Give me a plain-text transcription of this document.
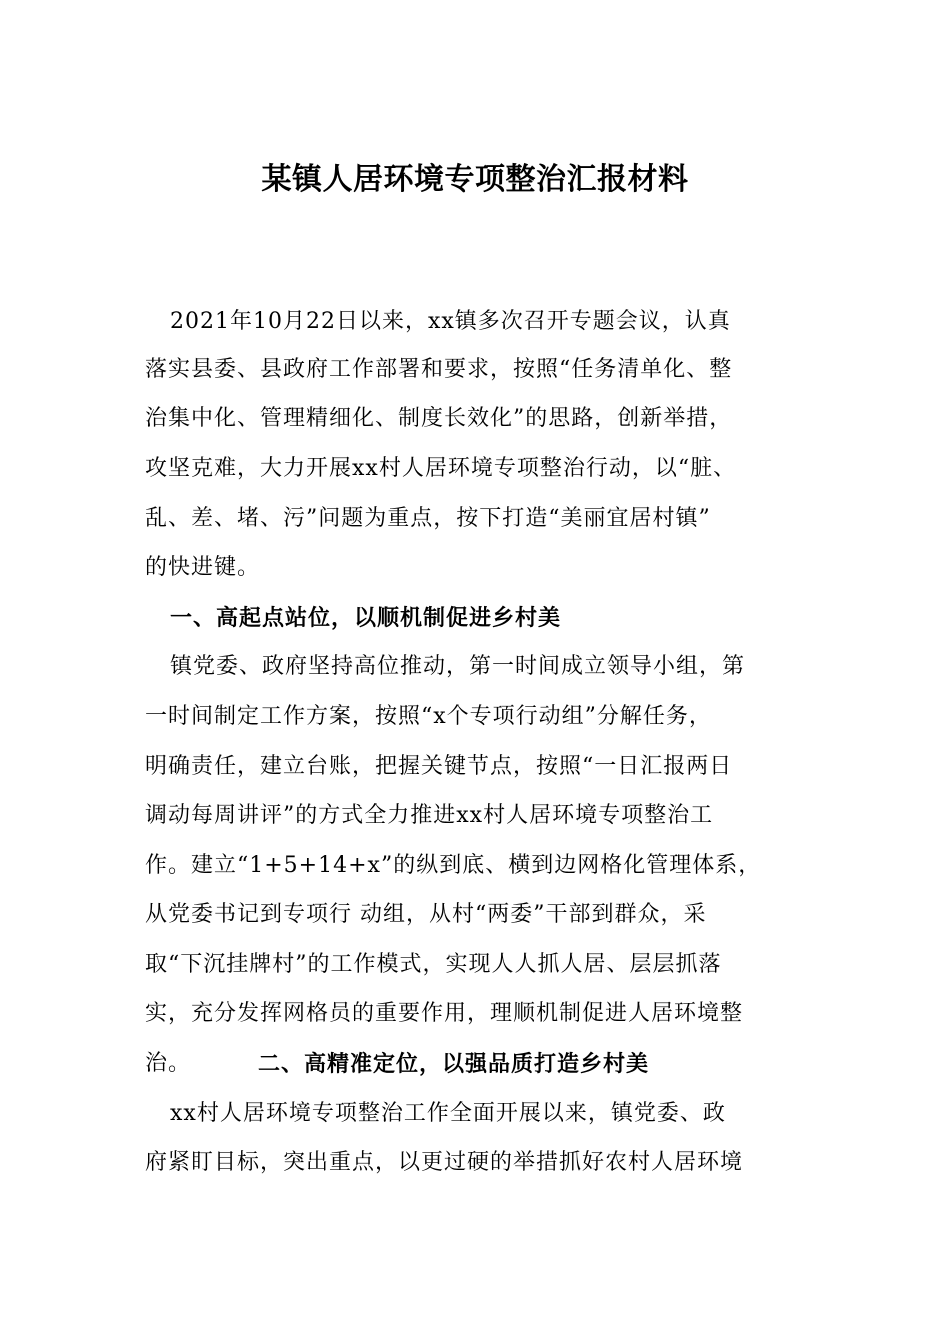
某镇人居环境专项整治汇报材料
2021年10月22日以来，xx镇多次召开专题会议，认真
落实县委、县政府工作部署和要求，按照“任务清单化、整
治集中化、管理精细化、制度长效化”的思路，创新举措，
攻坚克难，大力开展xx村人居环境专项整治行动，以“脏、
乱、差、堵、污”问题为重点，按下打造“美丽宜居村镇”
的快进键。
一、高起点站位，以顺机制促进乡村美
镇党委、政府坚持高位推动，第一时间成立领导小组，第
一时间制定工作方案，按照“x个专项行动组”分解任务，
明确责任，建立台账，把握关键节点，按照“一日汇报两日
调动每周讲评”的方式全力推进xx村人居环境专项整治工
作。建立“1+5+14+x”的纵到底、横到边网格化管理体系，
从党委书记到专项行 动组，从村“两委”干部到群众，采
取“下沉挂牌村”的工作模式，实现人人抓人居、层层抓落
实，充分发挥网格员的重要作用，理顺机制促进人居环境整
治。	二、高精准定位，以强品质打造乡村美
xx村人居环境专项整治工作全面开展以来，镇党委、政
府紧盯目标，突出重点，以更过硬的举措抓好农村人居环境
